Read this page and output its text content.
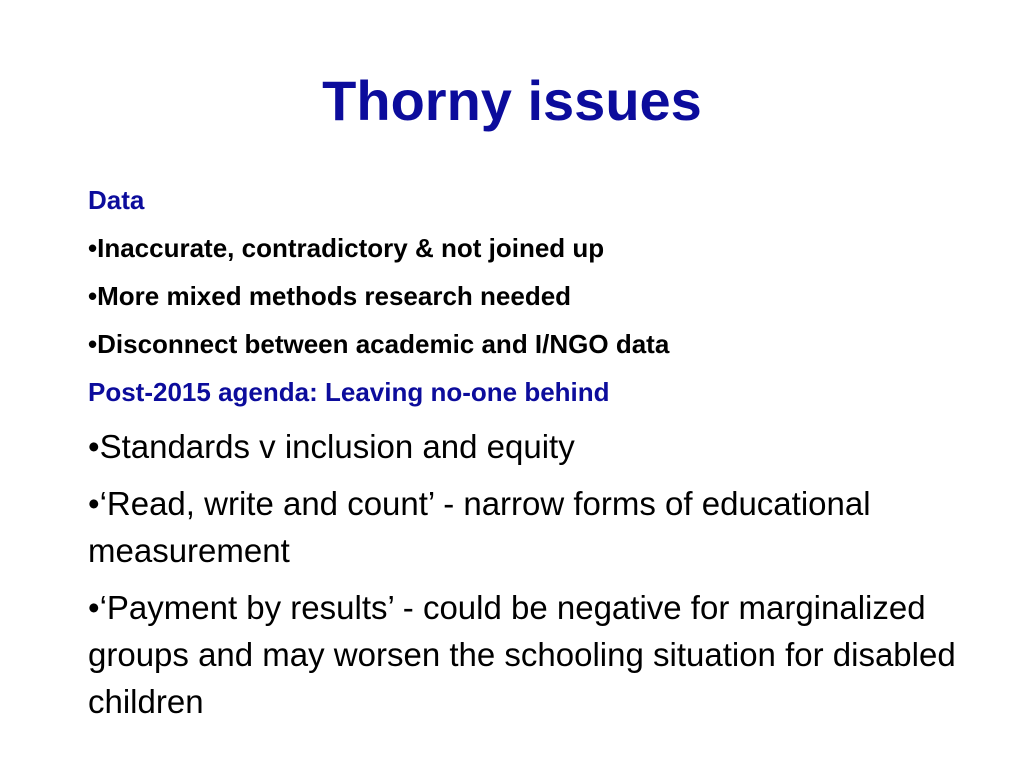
Thorny issues

Data

•Inaccurate, contradictory & not joined up

•More mixed methods research needed

•Disconnect between academic and I/NGO data

Post-2015 agenda: Leaving no-one behind

•Standards v inclusion and equity

•‘Read, write and count’ - narrow forms of educational measurement

•‘Payment by results’ - could be negative for marginalized groups and may worsen the schooling situation for disabled children
